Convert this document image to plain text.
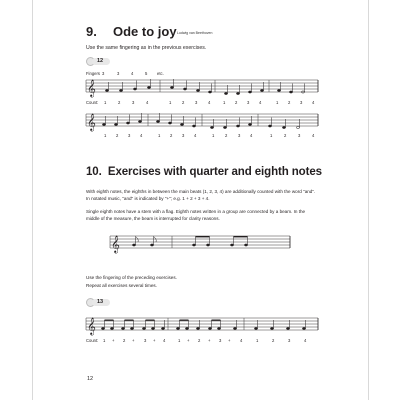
9. Ode to joy Ludwig van Beethoven
Use the same fingering as in the previous exercises.
12
Fingers 3	3	4	5 etc.
𝄞
Count: 1	2	3	4	1	2	3	4	1 2 3 4	1 2 3 4
𝄞
1 2 3 4	1 2 3 4	1	2	3 4	1	2	3	4
10. Exercises with quarter and eighth notes
With eighth notes, the eighths in between the main beats (1, 2, 3, 4) are additionally counted with the word "and". In notated music, "and" is indicated by "+"; e.g. 1 + 2 + 3 + 4.
Single eighth notes have a stem with a flag. Eighth notes written in a group are connected by a beam. In the middle of the measure, the beam is interrupted for clarity reasons.
𝄞
Use the fingering of the preceding exercises.
Repeat all exercises several times.
13
𝄞
Count: 1 + 2 + 3 + 4	1 + 2 + 3 + 4	1	2	3	4
12
